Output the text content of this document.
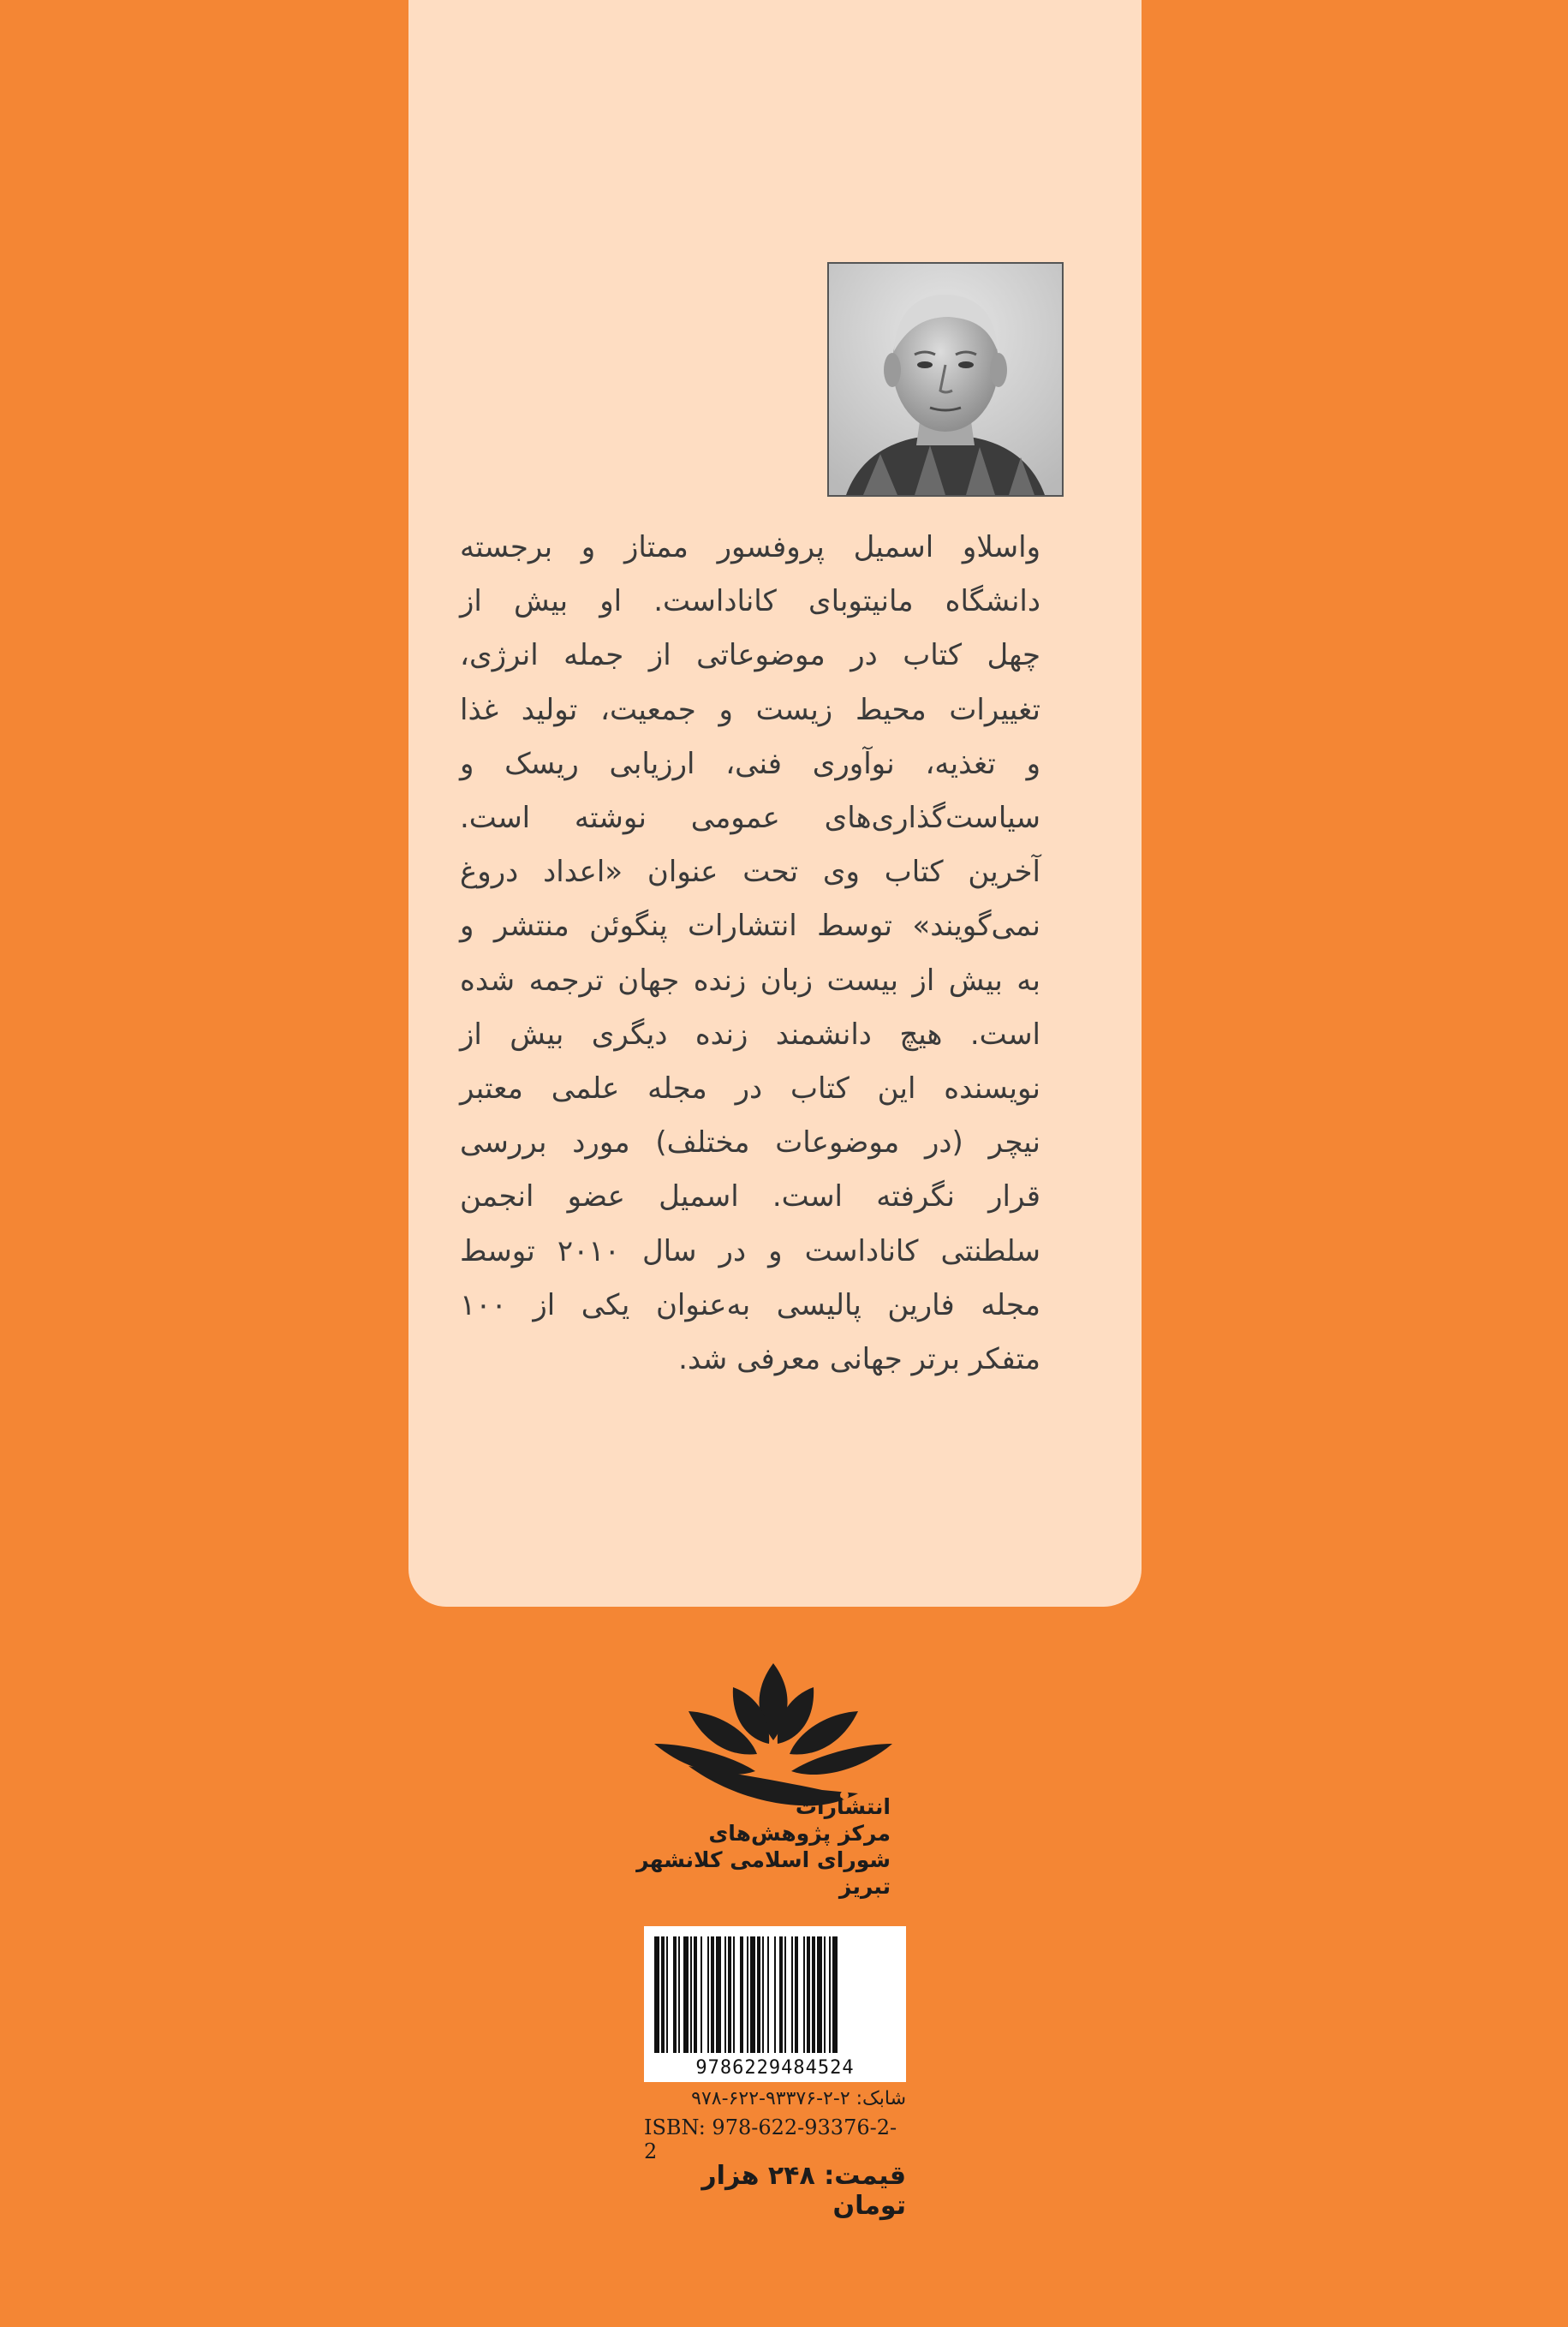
واسلاو اسمیل پروفسور ممتاز و برجسته
دانشگاه مانیتوبای کاناداست. او بیش از
چهل کتاب در موضوعاتی از جمله انرژی،
تغییرات محیط زیست و جمعیت، تولید غذا
و تغذیه، نوآوری فنی، ارزیابی ریسک و
سیاست‌گذاری‌های عمومی نوشته است.
آخرین کتاب وی تحت عنوان «اعداد دروغ
نمی‌گویند» توسط انتشارات پنگوئن منتشر و
به بیش از بیست زبان زنده جهان ترجمه شده
است. هیچ دانشمند زنده دیگری بیش از
نویسنده این کتاب در مجله علمی معتبر
نیچر (در موضوعات مختلف) مورد بررسی
قرار نگرفته است. اسمیل عضو انجمن
سلطنتی کاناداست و در سال ۲۰۱۰ توسط
مجله فارین پالیسی به‌عنوان یکی از ۱۰۰
متفکر برتر جهانی معرفی شد.
انتشارات
مرکز پژوهش‌های
شورای اسلامی کلانشهر تبریز
9786229484524
شابک: ۲-۲-۹۳۳۷۶-۶۲۲-۹۷۸
ISBN: 978-622-93376-2-2
قیمت: ۲۴۸ هزار تومان
